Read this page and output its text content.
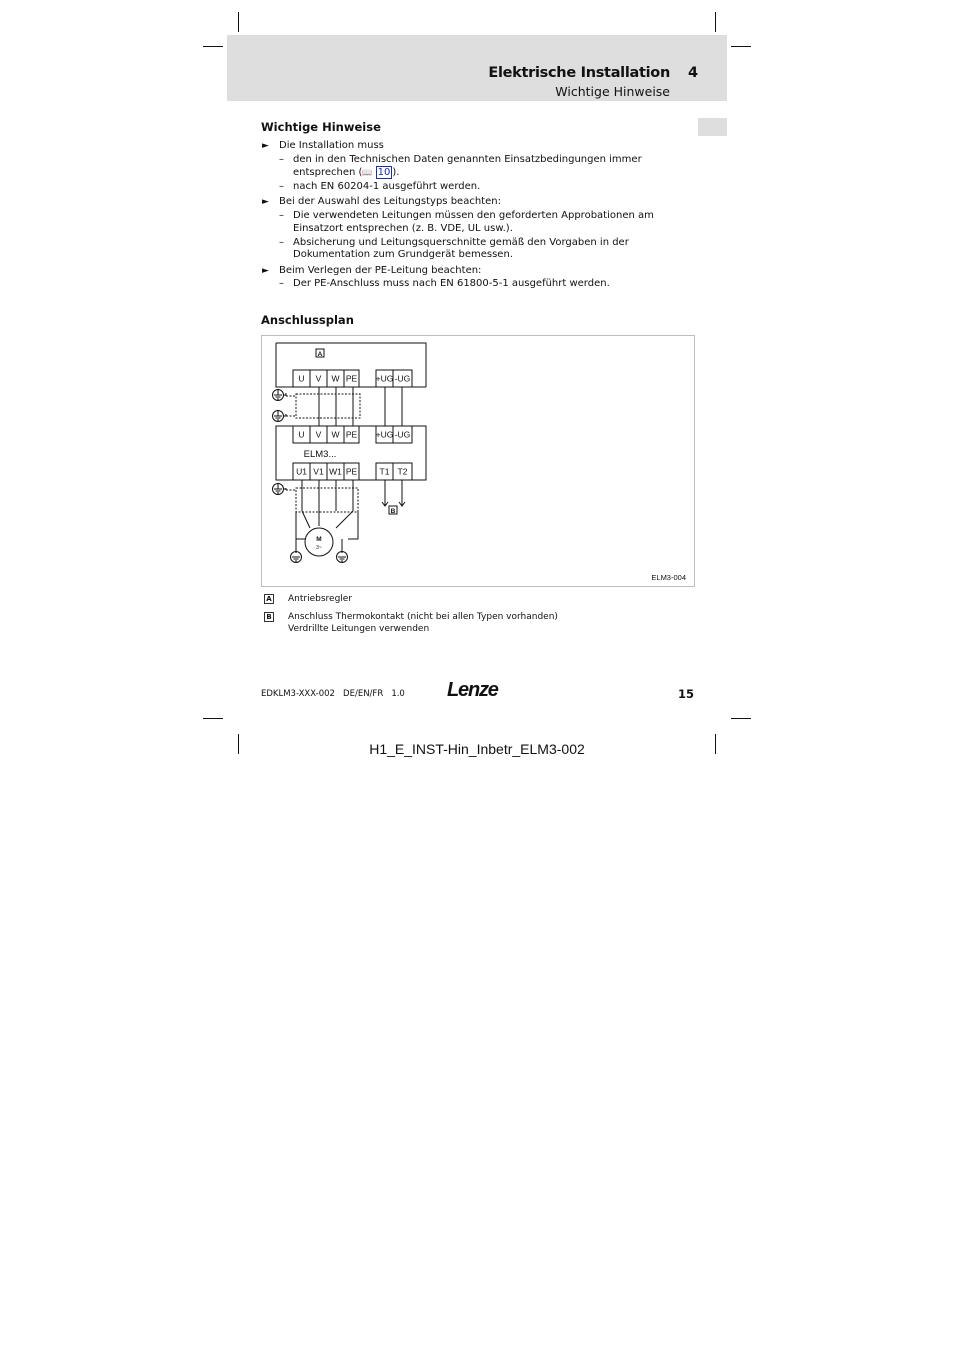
Elektrische Installation 4
Wichtige Hinweise
Wichtige Hinweise
► Die Installation muss
– den in den Technischen Daten genannten Einsatzbedingungen immer
entsprechen (📖 10 ).
– nach EN 60204-1 ausgeführt werden.
► Bei der Auswahl des Leitungstyps beachten:
– Die verwendeten Leitungen müssen den geforderten Approbationen am
Einsatzort entsprechen (z. B. VDE, UL usw.).
– Absicherung und Leitungsquerschnitte gemäß den Vorgaben in der
Dokumentation zum Grundgerät bemessen.
► Beim Verlegen der PE-Leitung beachten:
– Der PE-Anschluss muss nach EN 61800-5-1 ausgeführt werden.
Anschlussplan
A
B
U V W PE +UG -UG
U V W PE +UG -UG
ELM3...
U1 V1 W1 PE	T1 T2
M
3~
ELM3-004
A Antriebsregler
B Anschluss Thermokontakt (nicht bei allen Typen vorhanden)
Verdrillte Leitungen verwenden
EDKLM3-XXX-002   DE/EN/FR   1.0 Lenze	15
H1_E_INST-Hin_Inbetr_ELM3-002
